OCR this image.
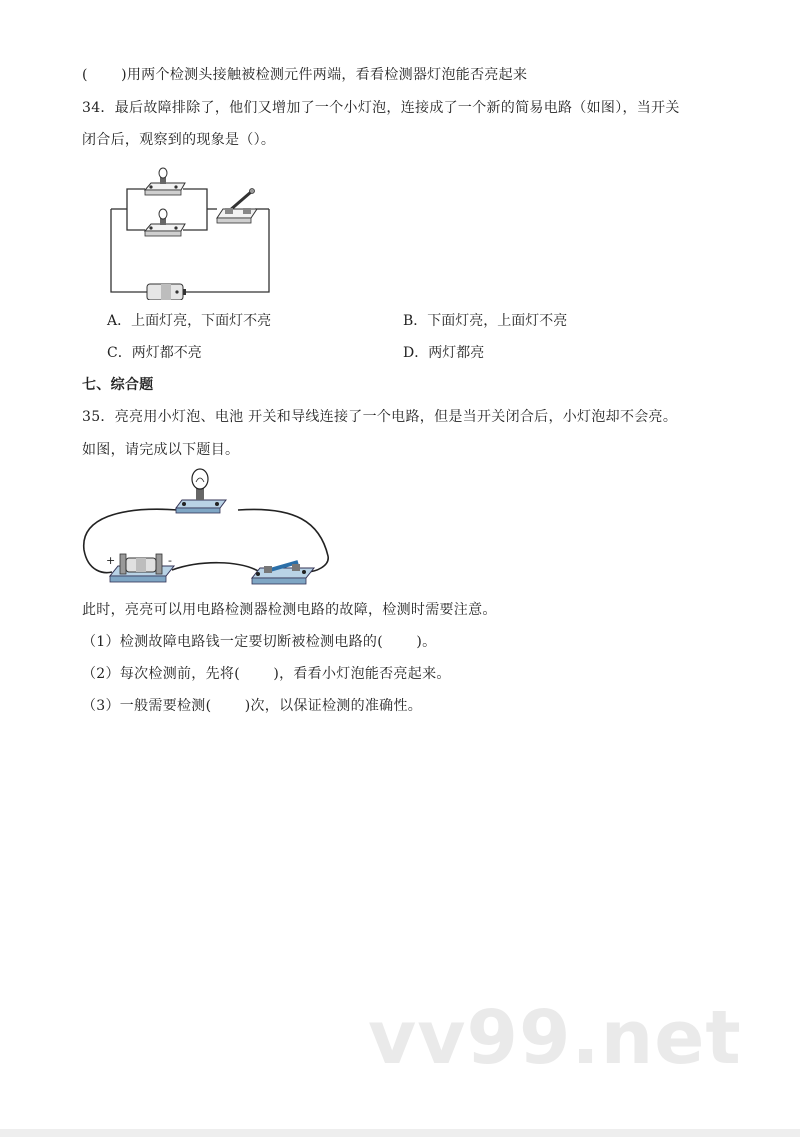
(　　 )用两个检测头接触被检测元件两端，看看检测器灯泡能否亮起来
34．最后故障排除了，他们又增加了一个小灯泡，连接成了一个新的简易电路（如图），当开关
闭合后，观察到的现象是（）。
A．上面灯亮，下面灯不亮	B．下面灯亮，上面灯不亮
C．两灯都不亮	D．两灯都亮
七、综合题
35．亮亮用小灯泡、电池 开关和导线连接了一个电路，但是当开关闭合后，小灯泡却不会亮。
如图，请完成以下题目。
+	-
此时，亮亮可以用电路检测器检测电路的故障，检测时需要注意。
（1）检测故障电路钱一定要切断被检测电路的(　　 )。
（2）每次检测前，先将(　　 )，看看小灯泡能否亮起来。
（3）一般需要检测(　　 )次，以保证检测的准确性。
vv99.net
